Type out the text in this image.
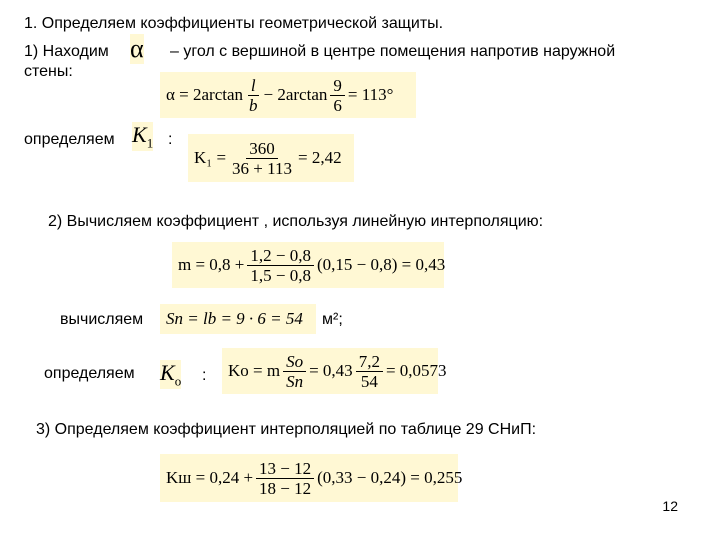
1. Определяем коэффициенты геометрической защиты.
1) Находим α – угол с вершиной в центре помещения напротив наружной
стены:
$\alpha = 2\arctan \frac{l}{b} - 2\arctan \frac{9}{6} = 113^\circ$
определяем $K_1$ :
$K_1 = \frac{360}{36 + 113} = 2,42$
2) Вычисляем коэффициент , используя линейную интерполяцию:
$m = 0,8 + \frac{1,2 - 0,8}{1,5 - 0,8} (0,15 - 0,8) = 0,43$
вычисляем Sп = lb = 9 · 6 = 54 м²;
определяем $K_о$ : Kо = m $\frac{Sо}{Sп} = 0,43 \frac{7,2}{54} = 0,0573$
3) Определяем коэффициент интерполяцией по таблице 29 СНиП:
Kш = $0,24 + \frac{13 - 12}{18 - 12} (0,33 - 0,24) = 0,255$
12
